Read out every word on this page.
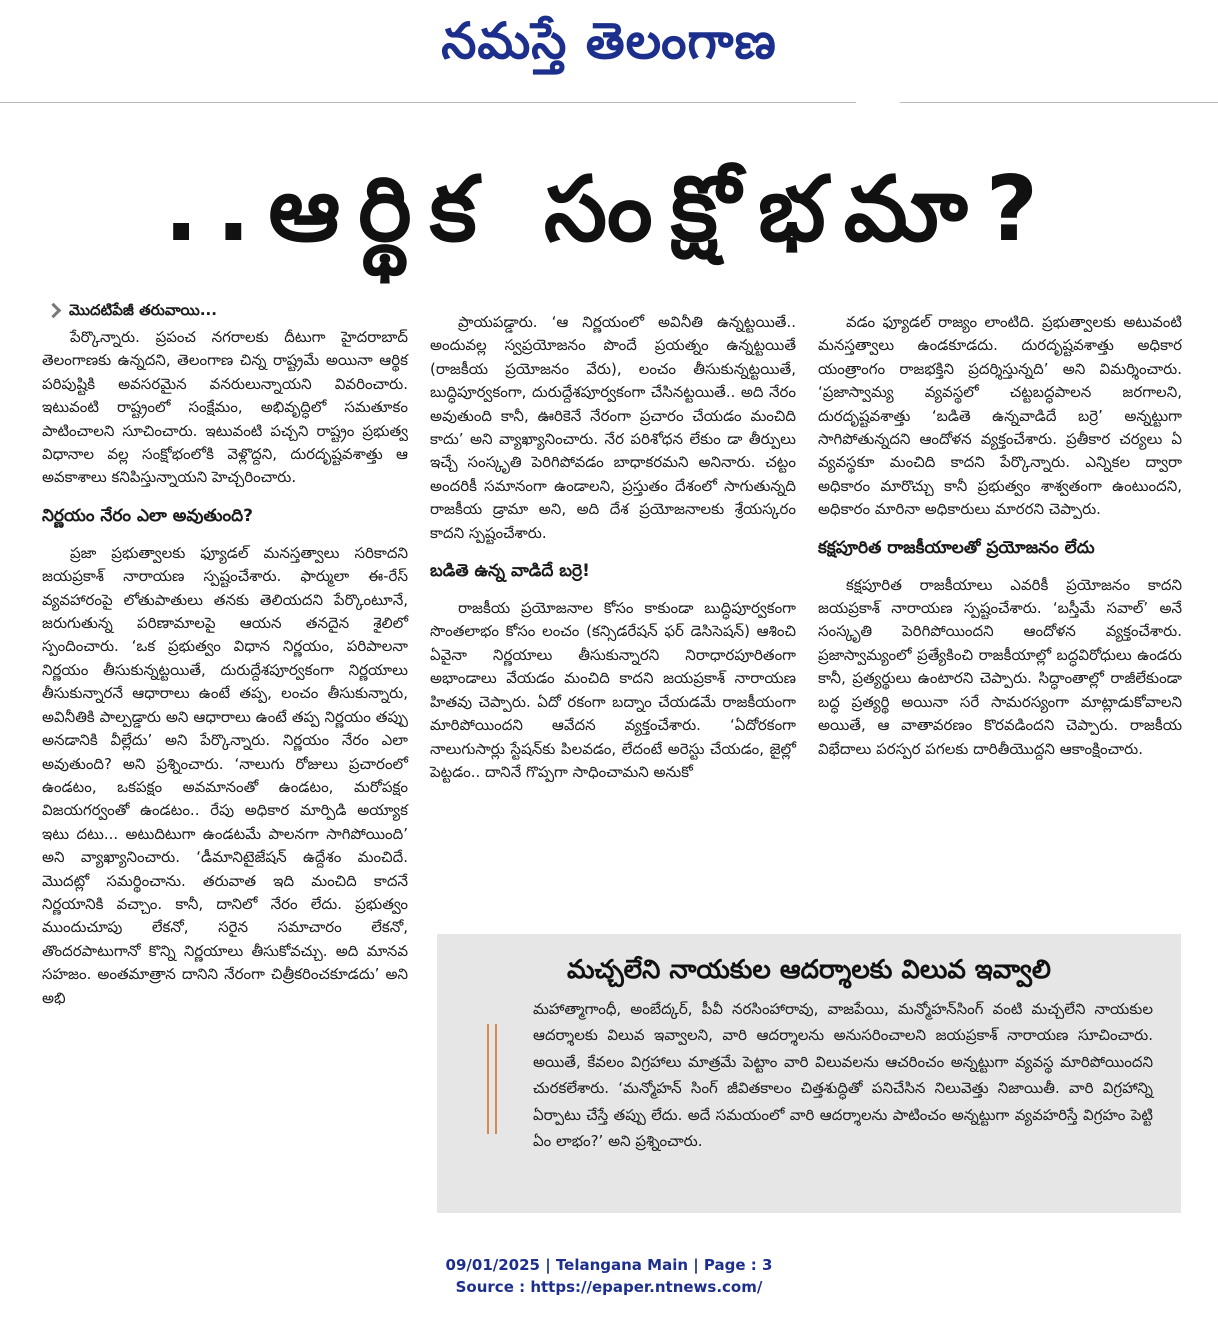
నమస్తే తెలంగాణ
..ఆర్థిక సంక్షోభమా?
మొదటిపేజీ తరువాయి...

పేర్కొన్నారు. ప్రపంచ నగరాలకు దీటుగా హైదరాబాద్ తెలంగాణకు ఉన్నదని, తెలంగాణ చిన్న రాష్ట్రమే అయినా ఆర్థిక పరిపుష్టికి అవసరమైన వనరులున్నాయని వివరించారు. ఇటువంటి రాష్ట్రంలో సంక్షేమం, అభివృద్ధిలో సమతూకం పాటించాలని సూచించారు. ఇటువంటి పచ్చని రాష్ట్రం ప్రభుత్వ విధానాల వల్ల సంక్షోభంలోకి వెళ్లొద్దని, దురదృష్టవశాత్తు ఆ అవకాశాలు కనిపిస్తున్నాయని హెచ్చరించారు.

నిర్ణయం నేరం ఎలా అవుతుంది?

ప్రజా ప్రభుత్వాలకు ఫ్యూడల్ మనస్తత్వాలు సరికాదని జయప్రకాశ్ నారాయణ స్పష్టంచేశారు. ఫార్ములా ఈ-రేస్ వ్యవహారంపై లోతుపాతులు తనకు తెలియదని పేర్కొంటూనే, జరుగుతున్న పరిణామాలపై ఆయన తనదైన శైలిలో స్పందించారు. ‘ఒక ప్రభుత్వం విధాన నిర్ణయం, పరిపాలనా నిర్ణయం తీసుకున్నట్టయితే, దురుద్దేశపూర్వకంగా నిర్ణయాలు తీసుకున్నారనే ఆధారాలు ఉంటే తప్ప, లంచం తీసుకున్నారు, అవినీతికి పాల్పడ్డారు అని ఆధారాలు ఉంటే తప్ప నిర్ణయం తప్పు అనడానికి వీల్లేదు’ అని పేర్కొన్నారు. నిర్ణయం నేరం ఎలా అవుతుంది? అని ప్రశ్నించారు. ‘నాలుగు రోజులు ప్రచారంలో ఉండటం, ఒకపక్షం అవమానంతో ఉండటం, మరోపక్షం విజయగర్వంతో ఉండటం.. రేపు అధికార మార్పిడి అయ్యాక ఇటు దటు... అటుదిటుగా ఉండటమే పాలనగా సాగిపోయింది’ అని వ్యాఖ్యానించారు. ‘డీమానిటైజేషన్ ఉద్దేశం మంచిదే. మొదట్లో సమర్థించాను. తరువాత ఇది మంచిది కాదనే నిర్ణయానికి వచ్చాం. కానీ, దానిలో నేరం లేదు. ప్రభుత్వం ముందుచూపు లేకనో, సరైన సమాచారం లేకనో, తొందరపాటుగానో కొన్ని నిర్ణయాలు తీసుకోవచ్చు. అది మానవ సహజం. అంతమాత్రాన దానిని నేరంగా చిత్రీకరించకూడదు’ అని అభి

ప్రాయపడ్డారు. ‘ఆ నిర్ణయంలో అవినీతి ఉన్నట్టయితే.. అందువల్ల స్వప్రయోజనం పొందే ప్రయత్నం ఉన్నట్టయితే (రాజకీయ ప్రయోజనం వేరు), లంచం తీసుకున్నట్టయితే, బుద్ధిపూర్వకంగా, దురుద్దేశపూర్వకంగా చేసినట్టయితే.. అది నేరం అవుతుంది కానీ, ఊరికెనే నేరంగా ప్రచారం చేయడం మంచిది కాదు’ అని వ్యాఖ్యానించారు. నేర పరిశోధన లేకుం డా తీర్పులు ఇచ్చే సంస్కృతి పెరిగిపోవడం బాధాకరమని అనినారు. చట్టం అందరికీ సమానంగా ఉండాలని, ప్రస్తుతం దేశంలో సాగుతున్నది రాజకీయ డ్రామా అని, అది దేశ ప్రయోజనాలకు శ్రేయస్కరం కాదని స్పష్టంచేశారు.

బడితె ఉన్న వాడిదే బర్రె!

రాజకీయ ప్రయోజనాల కోసం కాకుండా బుద్ధిపూర్వకంగా సొంతలాభం కోసం లంచం (కన్సిడరేషన్ ఫర్ డెసిసెషన్) ఆశించి ఏవైనా నిర్ణయాలు తీసుకున్నారని నిరాధారపూరితంగా అభాండాలు వేయడం మంచిది కాదని జయప్రకాశ్ నారాయణ హితవు చెప్పారు. ఏదో రకంగా బద్నాం చేయడమే రాజకీయంగా మారిపోయిందని ఆవేదన వ్యక్తంచేశారు. ‘ఏదోరకంగా నాలుగుసార్లు స్టేషన్‌కు పిలవడం, లేదంటే అరెస్టు చేయడం, జైల్లో పెట్టడం.. దానినే గొప్పగా సాధించామని అనుకో

వడం ఫ్యూడల్ రాజ్యం లాంటిది. ప్రభుత్వాలకు అటువంటి మనస్తత్వాలు ఉండకూడదు. దురదృష్టవశాత్తు అధికార యంత్రాంగం రాజభక్తిని ప్రదర్శిస్తున్నది’ అని విమర్శించారు. ‘ప్రజాస్వామ్య వ్యవస్థలో చట్టబద్ధపాలన జరగాలని, దురదృష్టవశాత్తు ‘బడితె ఉన్నవాడిదే బర్రె’ అన్నట్టుగా సాగిపోతున్నదని ఆందోళన వ్యక్తంచేశారు. ప్రతీకార చర్యలు ఏ వ్యవస్థకూ మంచిది కాదని పేర్కొన్నారు. ఎన్నికల ద్వారా అధికారం మారొచ్చు కానీ ప్రభుత్వం శాశ్వతంగా ఉంటుందని, అధికారం మారినా అధికారులు మారరని చెప్పారు.

కక్షపూరిత రాజకీయాలతో ప్రయోజనం లేదు

కక్షపూరిత రాజకీయాలు ఎవరికీ ప్రయోజనం కాదని జయప్రకాశ్ నారాయణ స్పష్టంచేశారు. ‘బస్తీమే సవాల్’ అనే సంస్కృతి పెరిగిపోయిందని ఆందోళన వ్యక్తంచేశారు. ప్రజాస్వామ్యంలో ప్రత్యేకించి రాజకీయాల్లో బద్ధవిరోధులు ఉండరు కానీ, ప్రత్యర్థులు ఉంటారని చెప్పారు. సిద్ధాంతాల్లో రాజీలేకుండా బద్ధ ప్రత్యర్థి అయినా సరే సామరస్యంగా మాట్లాడుకోవాలని అయితే, ఆ వాతావరణం కొరవడిందని చెప్పారు. రాజకీయ విభేదాలు పరస్పర పగలకు దారితీయొద్దని ఆకాంక్షించారు.

మచ్చలేని నాయకుల ఆదర్శాలకు విలువ ఇవ్వాలి

మహాత్మాగాంధీ, అంబేద్కర్, పీవీ నరసింహారావు, వాజపేయి, మన్మోహన్‌సింగ్ వంటి మచ్చలేని నాయకుల ఆదర్శాలకు విలువ ఇవ్వాలని, వారి ఆదర్శాలను అనుసరించాలని జయప్రకాశ్ నారాయణ సూచించారు. అయితే, కేవలం విగ్రహాలు మాత్రమే పెట్టాం వారి విలువలను ఆచరించం అన్నట్టుగా వ్యవస్థ మారిపోయిందని చురకలేశారు. ‘మన్మోహన్ సింగ్ జీవితకాలం చిత్తశుద్ధితో పనిచేసిన నిలువెత్తు నిజాయితీ. వారి విగ్రహాన్ని ఏర్పాటు చేస్తే తప్పు లేదు. అదే సమయంలో వారి ఆదర్శాలను పాటించం అన్నట్టుగా వ్యవహరిస్తే విగ్రహం పెట్టి ఏం లాభం?’ అని ప్రశ్నించారు.

09/01/2025 | Telangana Main | Page : 3
Source : https://epaper.ntnews.com/
